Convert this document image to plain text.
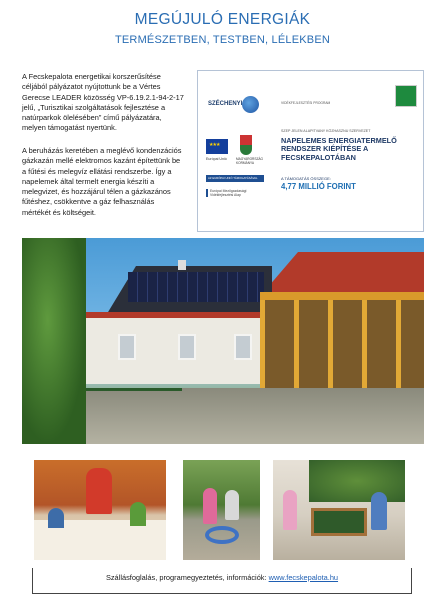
MEGÚJULÓ ENERGIÁK
TERMÉSZETBEN, TESTBEN, LÉLEKBEN

A Fecskepalota energetikai korszerűsítése céljából pályázatot nyújtottunk be a Vértes Gerecse LEADER közösség VP-6.19.2.1-94-2-17 jelű, „Turisztikai szolgáltatások fejlesztése a natúrparkok ölelésében” című pályázatára, melyen támogatást nyertünk.

A beruházás keretében a meglévő kondenzációs gázkazán mellé elektromos kazánt építettünk be a fűtési és melegvíz ellátási rendszerbe. Így a napelemek által termelt energia készíti a melegvizet, és hozzájárul télen a gázkazános fűtéshez, csökkentve a gáz felhasználás mértékét és költségeit.

SZÉCHENYI	VIDÉKFEJLESZTÉSI PROGRAM
★★★
Európai Unió	MAGYARORSZÁG KORMÁNYA
AZ EURÓPAI UNIÓ TÁMOGATÁSÁVAL
Európai Mezőgazdasági Vidékfejlesztési Alap
SZEP JELEN ALAPITVANY KÖZHASZNU SZERVEZET
NAPELEMES ENERGIATERMELŐ RENDSZER KIÉPÍTÉSE A FECSKEPALOTÁBAN
A TÁMOGATÁS ÖSSZEGE:
4,77 MILLIÓ FORINT
Szállásfoglalás, programegyeztetés, információk: www.fecskepalota.hu
